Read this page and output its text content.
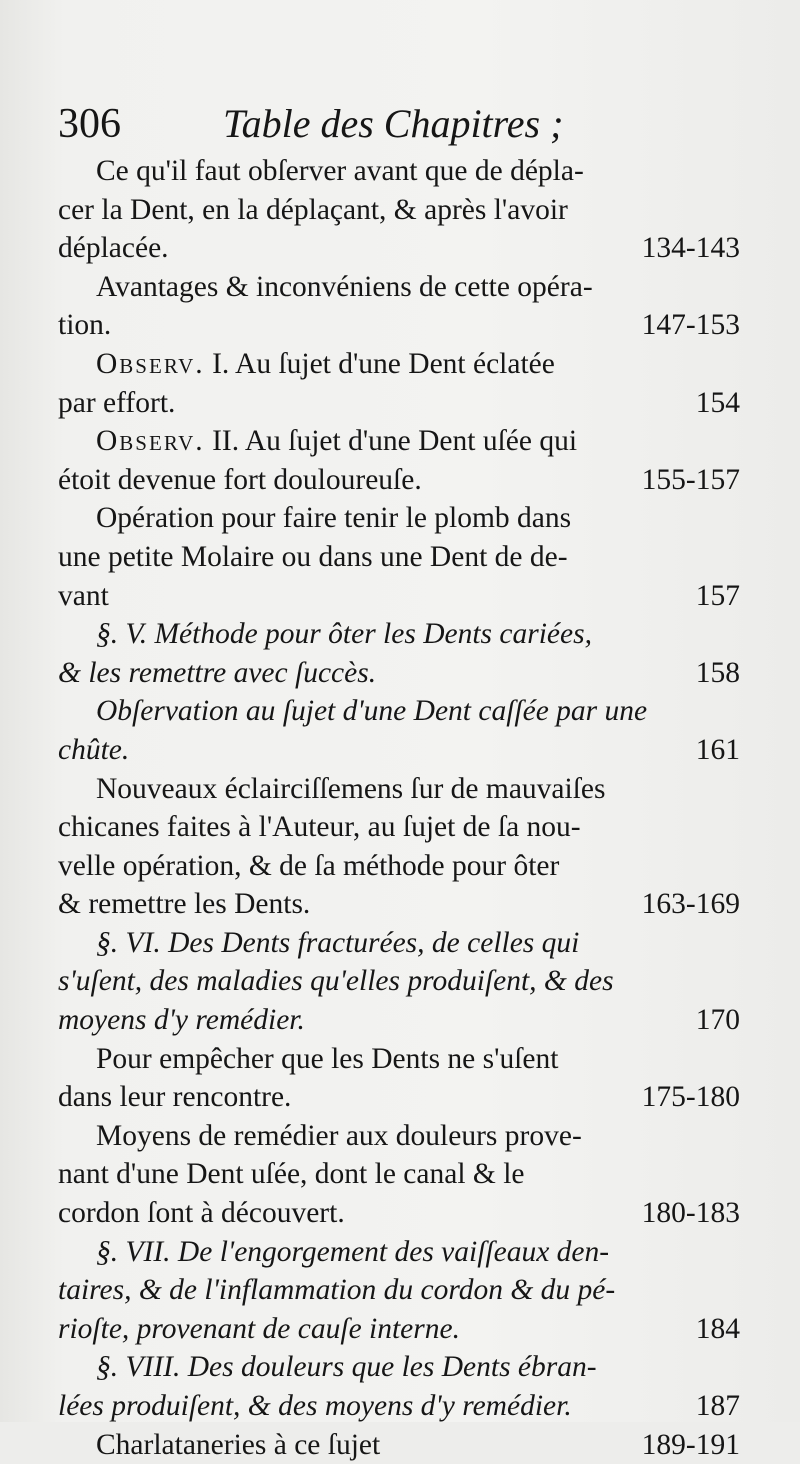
306	Table des Chapitres ;
Ce qu'il faut obſerver avant que de dépla-
cer la Dent, en la déplaçant, & après l'avoir
déplacée.	134-143
Avantages & inconvéniens de cette opéra-
tion.	147-153
Observ. I. Au ſujet d'une Dent éclatée
par effort.	154
Observ. II. Au ſujet d'une Dent uſée qui
étoit devenue fort douloureuſe.	155-157
Opération pour faire tenir le plomb dans
une petite Molaire ou dans une Dent de de-
vant	157
§. V. Méthode pour ôter les Dents cariées,
& les remettre avec ſuccès.	158
Obſervation au ſujet d'une Dent caſſée par une
chûte.	161
Nouveaux éclairciſſemens ſur de mauvaiſes
chicanes faites à l'Auteur, au ſujet de ſa nou-
velle opération, & de ſa méthode pour ôter
& remettre les Dents.	163-169
§. VI. Des Dents fracturées, de celles qui
s'uſent, des maladies qu'elles produiſent, & des
moyens d'y remédier.	170
Pour empêcher que les Dents ne s'uſent
dans leur rencontre.	175-180
Moyens de remédier aux douleurs prove-
nant d'une Dent uſée, dont le canal & le
cordon ſont à découvert.	180-183
§. VII. De l'engorgement des vaiſſeaux den-
taires, & de l'inflammation du cordon & du pé-
rioſte, provenant de cauſe interne.	184
§. VIII. Des douleurs que les Dents ébran-
lées produiſent, & des moyens d'y remédier.	187
Charlataneries à ce ſujet	189-191
